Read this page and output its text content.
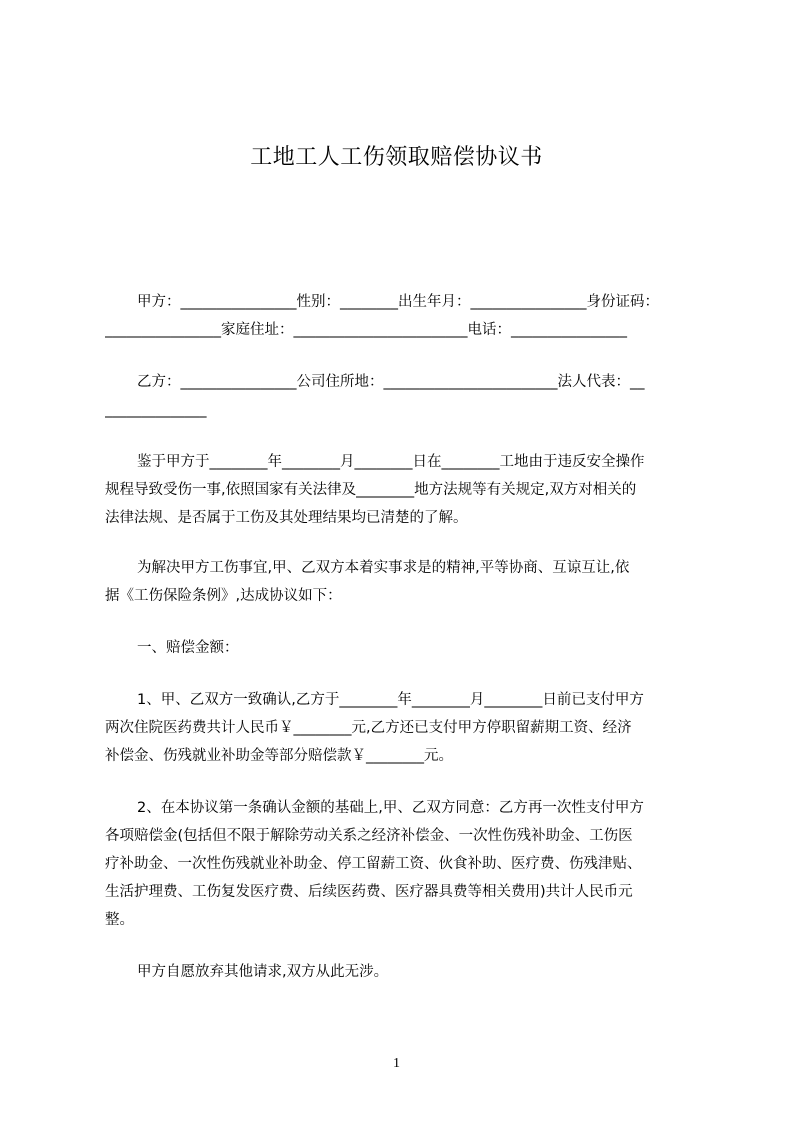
工地工人工伤领取赔偿协议书
甲方：________________性别：________出生年月：________________身份证码：
________________家庭住址：________________________电话：________________
乙方：________________公司住所地：________________________法人代表：__
______________
鉴于甲方于________年________月________日在________工地由于违反安全操作
规程导致受伤一事,依照国家有关法律及________地方法规等有关规定,双方对相关的
法律法规、是否属于工伤及其处理结果均已清楚的了解。
为解决甲方工伤事宜,甲、乙双方本着实事求是的精神,平等协商、互谅互让,依
据《工伤保险条例》,达成协议如下：
一、赔偿金额：
1、甲、乙双方一致确认,乙方于________年________月________日前已支付甲方
两次住院医药费共计人民币￥________元,乙方还已支付甲方停职留薪期工资、经济
补偿金、伤残就业补助金等部分赔偿款￥________元。
2、在本协议第一条确认金额的基础上,甲、乙双方同意：乙方再一次性支付甲方
各项赔偿金(包括但不限于解除劳动关系之经济补偿金、一次性伤残补助金、工伤医
疗补助金、一次性伤残就业补助金、停工留薪工资、伙食补助、医疗费、伤残津贴、
生活护理费、工伤复发医疗费、后续医药费、医疗器具费等相关费用)共计人民币元
整。
甲方自愿放弃其他请求,双方从此无涉。
1
